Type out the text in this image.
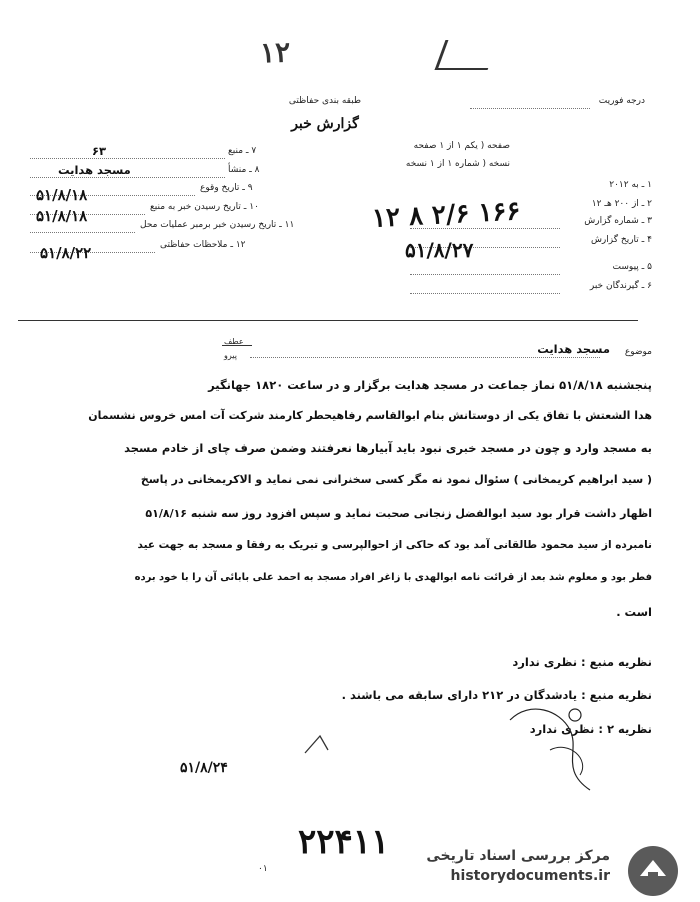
۱۲
درجه فوریت
طبقه بندی حفاظتی
گزارش خبر
صفحه ( یکم ۱ از ۱ صفحه
نسخه ( شماره ۱ از ۱ نسخه
۱ ـ به ۲۰۱۲
۲ ـ از ۲۰۰ هـ ۱۲
۳ ـ شماره گزارش
۴ ـ تاریخ گزارش
۵ ـ پیوست
۶ ـ گیرندگان خبر
۱۲ ۸ ۲/۶ ۱۶۶
۵۱/۸/۲۷
۷ ـ منبع
۸ ـ منشأ
۹ ـ تاریخ وقوع
۱۰ ـ تاریخ رسیدن خبر به منبع
۱۱ ـ تاریخ رسیدن خبر برمبر عملیات محل
۱۲ ـ ملاحظات حفاظتی
۶۳
مسجد هدایت
۵۱/۸/۱۸
۵۱/۸/۱۸
۵۱/۸/۲۲
موضوع
مسجد هدایت
عطف
پیرو
پنجشنبه ۵۱/۸/۱۸ نماز جماعت در مسجد هدایت برگزار و در ساعت ۱۸۲۰ جهانگیر
هدا الشعتش با تفاق یکی از دوستانش بنام ابوالقاسم رفاهیحطر کارمند شرکت آت امس خروس نشسمان
به مسجد وارد و چون در مسجد خبری نبود باید آبیارها نعرفتند وضمن صرف چای از خادم مسجد
( سید ابراهیم کریمخانی ) سئوال نمود نه مگر کسی سخنرانی نمی نماید و الاکریمخانی در پاسخ
اظهار داشت قرار بود سید ابوالفضل زنجانی صحبت نماید و سپس افزود روز سه شنبه ۵۱/۸/۱۶
نامبرده از سید محمود طالقانی آمد بود که حاکی از احوالپرسی و تبریک به رفقا و مسجد به جهت عید
فطر بود و معلوم شد بعد از قرائت نامه ابوالهدی با زاغر افراد مسجد به احمد علی بابائی آن را با خود برده
است .
نظریه منبع : نظری ندارد
نظریه منبع : یادشدگان در ۲۱۲ دارای سابقه می باشند .
نظریه ۲ : نظری ندارد
۵۱/۸/۲۴
۲۲۴۱۱
۰۱
مرکز بررسی اسناد تاریخی
historydocuments.ir
